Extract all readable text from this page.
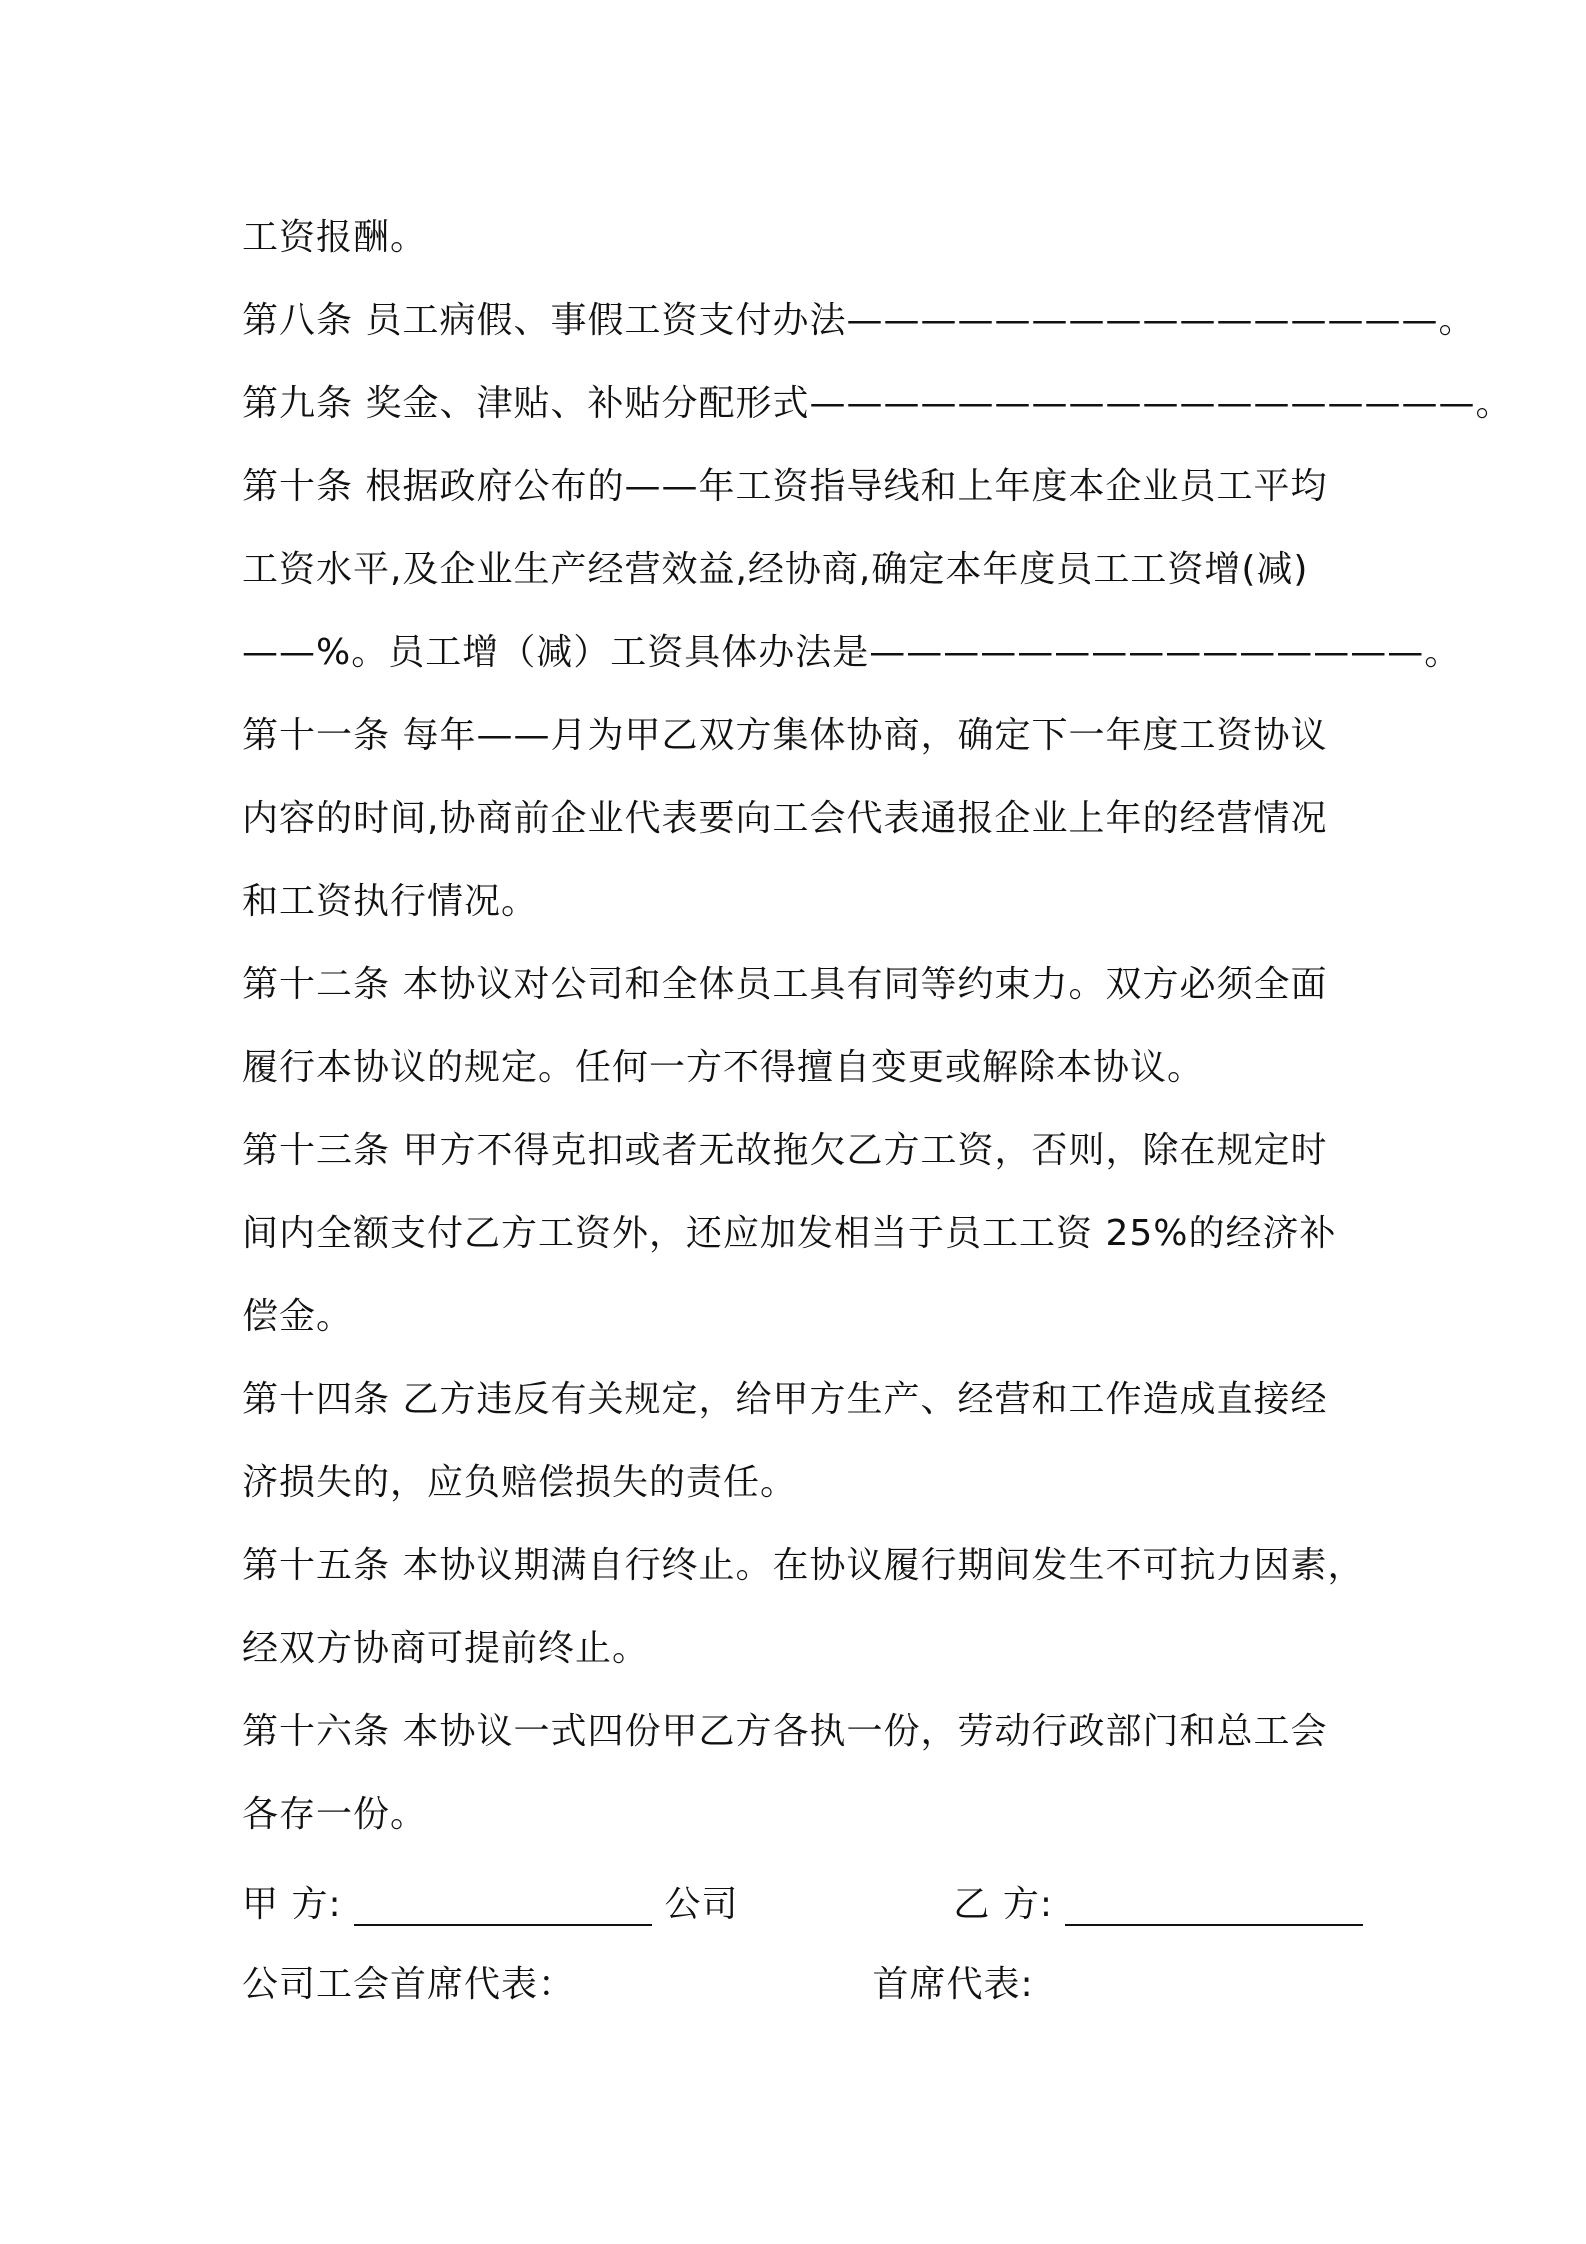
工资报酬。
第八条 员工病假、事假工资支付办法————————————————。
第九条 奖金、津贴、补贴分配形式——————————————————。
第十条 根据政府公布的——年工资指导线和上年度本企业员工平均
工资水平,及企业生产经营效益,经协商,确定本年度员工工资增(减)
——%。员工增（减）工资具体办法是———————————————。
第十一条 每年——月为甲乙双方集体协商，确定下一年度工资协议
内容的时间,协商前企业代表要向工会代表通报企业上年的经营情况
和工资执行情况。
第十二条 本协议对公司和全体员工具有同等约束力。双方必须全面
履行本协议的规定。任何一方不得擅自变更或解除本协议。
第十三条 甲方不得克扣或者无故拖欠乙方工资，否则，除在规定时
间内全额支付乙方工资外，还应加发相当于员工工资 25%的经济补
偿金。
第十四条 乙方违反有关规定，给甲方生产、经营和工作造成直接经
济损失的，应负赔偿损失的责任。
第十五条 本协议期满自行终止。在协议履行期间发生不可抗力因素，
经双方协商可提前终止。
第十六条 本协议一式四份甲乙方各执一份，劳动行政部门和总工会
各存一份。
甲 方:	公司	乙 方:
公司工会首席代表：	首席代表:
